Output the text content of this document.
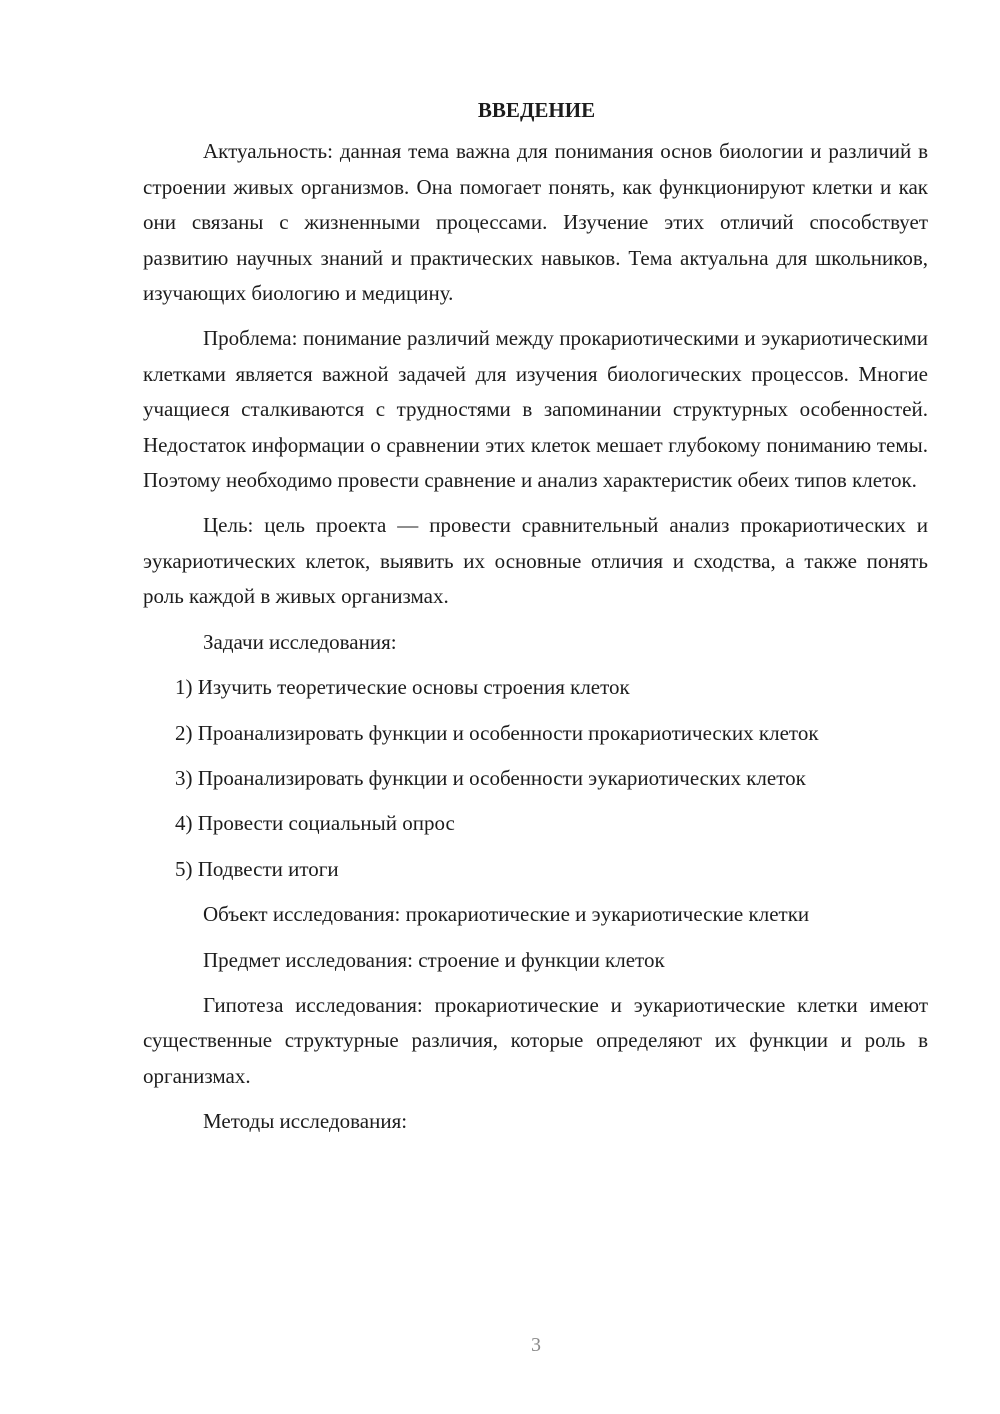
ВВЕДЕНИЕ

Актуальность: данная тема важна для понимания основ биологии и различий в строении живых организмов. Она помогает понять, как функционируют клетки и как они связаны с жизненными процессами. Изучение этих отличий способствует развитию научных знаний и практических навыков. Тема актуальна для школьников, изучающих биологию и медицину.

Проблема: понимание различий между прокариотическими и эукариотическими клетками является важной задачей для изучения биологических процессов. Многие учащиеся сталкиваются с трудностями в запоминании структурных особенностей. Недостаток информации о сравнении этих клеток мешает глубокому пониманию темы. Поэтому необходимо провести сравнение и анализ характеристик обеих типов клеток.

Цель: цель проекта — провести сравнительный анализ прокариотических и эукариотических клеток, выявить их основные отличия и сходства, а также понять роль каждой в живых организмах.

Задачи исследования:

1) Изучить теоретические основы строения клеток

2) Проанализировать функции и особенности прокариотических клеток

3) Проанализировать функции и особенности эукариотических клеток

4) Провести социальный опрос

5) Подвести итоги

Объект исследования: прокариотические и эукариотические клетки

Предмет исследования: строение и функции клеток

Гипотеза исследования: прокариотические и эукариотические клетки имеют существенные структурные различия, которые определяют их функции и роль в организмах.

Методы исследования:

3
